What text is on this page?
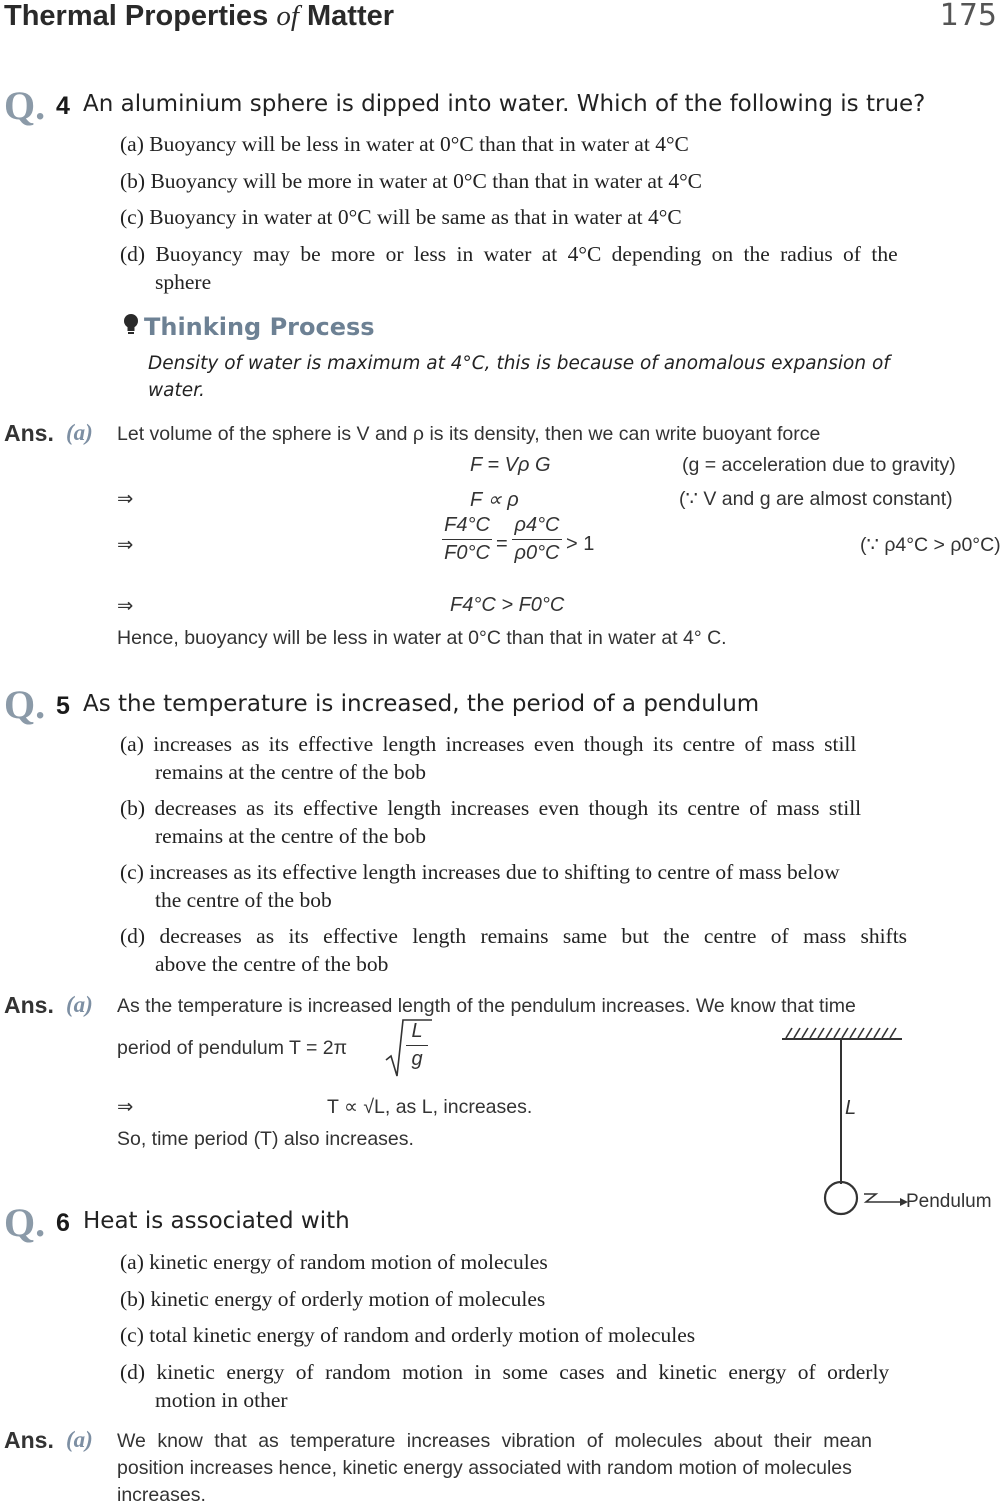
Thermal Properties of Matter	175
Q. 4 An aluminium sphere is dipped into water. Which of the following is true?
(a) Buoyancy will be less in water at 0°C than that in water at 4°C
(b) Buoyancy will be more in water at 0°C than that in water at 4°C
(c) Buoyancy in water at 0°C will be same as that in water at 4°C
(d) Buoyancy may be more or less in water at 4°C depending on the radius of the
sphere
Thinking Process
Density of water is maximum at 4°C, this is because of anomalous expansion of
water.
Ans. (a) Let volume of the sphere is V and ρ is its density, then we can write buoyant force
F = Vρ G	(g = acceleration due to gravity)
⇒	F ∝ ρ	(∵ V and g are almost constant)
⇒
F4°C
F0°C =
ρ4°C
ρ0°C > 1	(∵ ρ4°C > ρ0°C)
⇒	F4°C > F0°C
Hence, buoyancy will be less in water at 0°C than that in water at 4° C.
Q. 5 As the temperature is increased, the period of a pendulum
(a) increases as its effective length increases even though its centre of mass still
remains at the centre of the bob
(b) decreases as its effective length increases even though its centre of mass still
remains at the centre of the bob
(c) increases as its effective length increases due to shifting to centre of mass below
the centre of the bob
(d) decreases as its effective length remains same but the centre of mass shifts
above the centre of the bob
Ans. (a) As the temperature is increased length of the pendulum increases. We know that time
period of pendulum T = 2π
L
g
⇒	T ∝ √L, as L, increases.
So, time period (T) also increases.
L
Pendulum
Q. 6 Heat is associated with
(a) kinetic energy of random motion of molecules
(b) kinetic energy of orderly motion of molecules
(c) total kinetic energy of random and orderly motion of molecules
(d) kinetic energy of random motion in some cases and kinetic energy of orderly
motion in other
Ans. (a) We know that as temperature increases vibration of molecules about their mean
position increases hence, kinetic energy associated with random motion of molecules
increases.
